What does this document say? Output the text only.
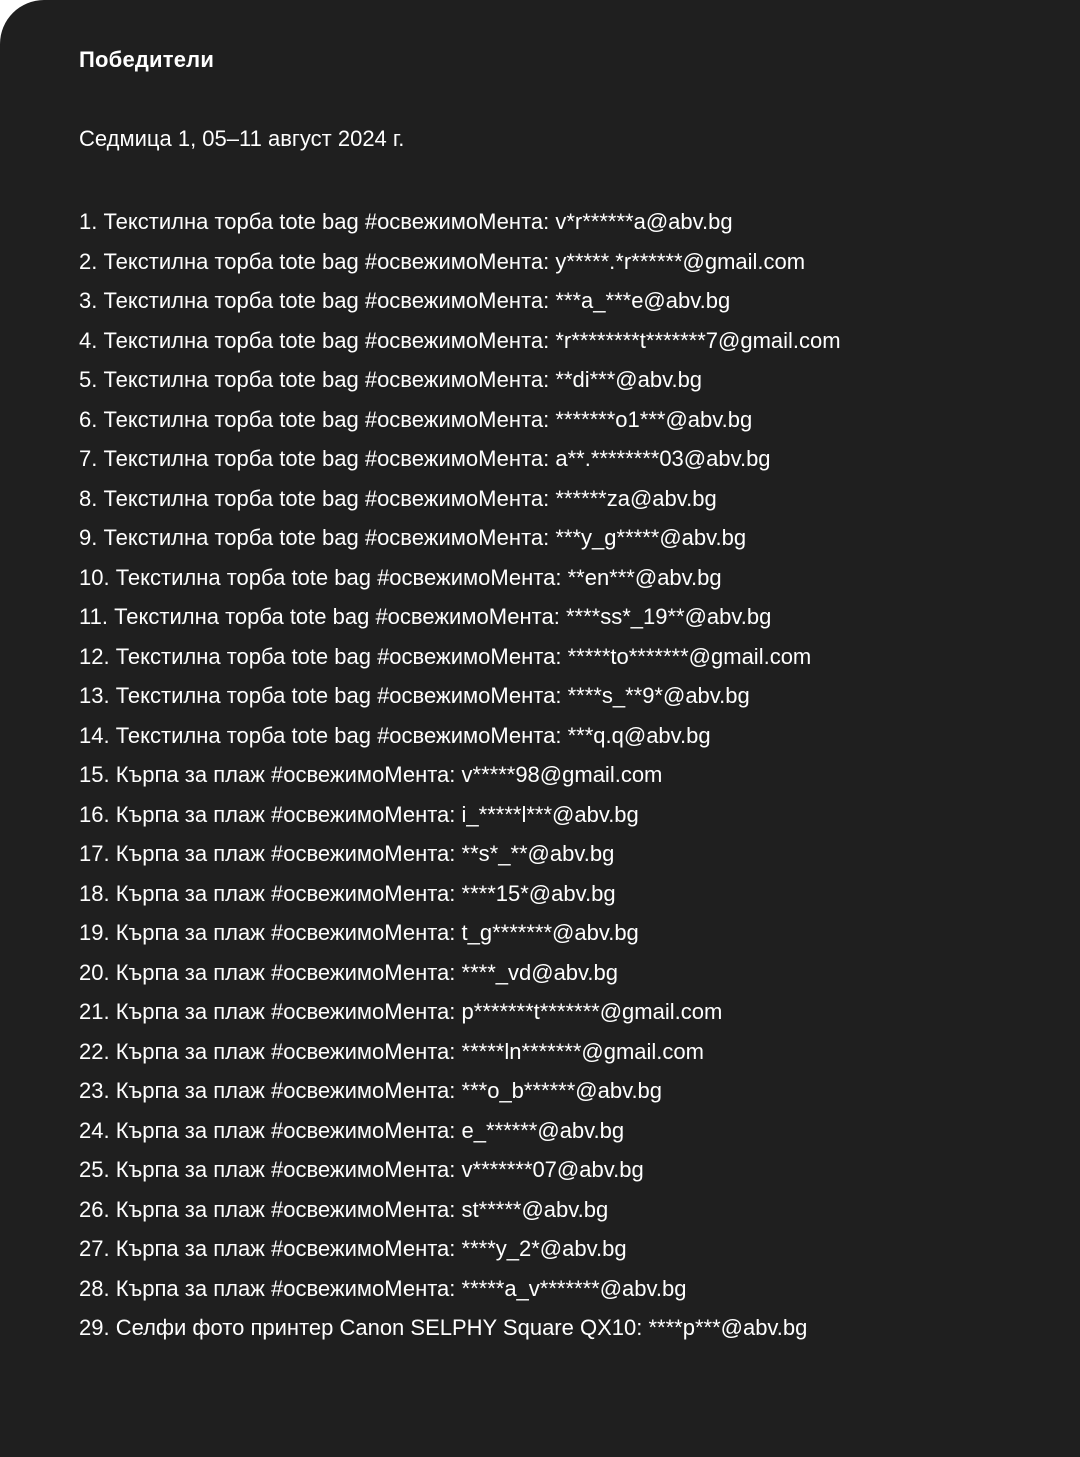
Победители

Седмица 1, 05–11 август 2024 г.

1. Текстилна торба tote bag #освежимоМента: v*r******a@abv.bg
2. Текстилна торба tote bag #освежимоМента: y*****.*r******@gmail.com
3. Текстилна торба tote bag #освежимоМента: ***a_***e@abv.bg
4. Текстилна торба tote bag #освежимоМента: *r********t*******7@gmail.com
5. Текстилна торба tote bag #освежимоМента: **di***@abv.bg
6. Текстилна торба tote bag #освежимоМента: *******o1***@abv.bg
7. Текстилна торба tote bag #освежимоМента: a**.********03@abv.bg
8. Текстилна торба tote bag #освежимоМента: ******za@abv.bg
9. Текстилна торба tote bag #освежимоМента: ***y_g*****@abv.bg
10. Текстилна торба tote bag #освежимоМента: **en***@abv.bg
11. Текстилна торба tote bag #освежимоМента: ****ss*_19**@abv.bg
12. Текстилна торба tote bag #освежимоМента: *****to*******@gmail.com
13. Текстилна торба tote bag #освежимоМента: ****s_**9*@abv.bg
14. Текстилна торба tote bag #освежимоМента: ***q.q@abv.bg
15. Кърпа за плаж #освежимоМента: v*****98@gmail.com
16. Кърпа за плаж #освежимоМента: i_*****l***@abv.bg
17. Кърпа за плаж #освежимоМента: **s*_**@abv.bg
18. Кърпа за плаж #освежимоМента: ****15*@abv.bg
19. Кърпа за плаж #освежимоМента: t_g*******@abv.bg
20. Кърпа за плаж #освежимоМента: ****_vd@abv.bg
21. Кърпа за плаж #освежимоМента: p*******t*******@gmail.com
22. Кърпа за плаж #освежимоМента: *****ln*******@gmail.com
23. Кърпа за плаж #освежимоМента: ***o_b******@abv.bg
24. Кърпа за плаж #освежимоМента: e_******@abv.bg
25. Кърпа за плаж #освежимоМента: v*******07@abv.bg
26. Кърпа за плаж #освежимоМента: st*****@abv.bg
27. Кърпа за плаж #освежимоМента: ****y_2*@abv.bg
28. Кърпа за плаж #освежимоМента: *****a_v*******@abv.bg
29. Селфи фото принтер Canon SELPHY Square QX10: ****p***@abv.bg
